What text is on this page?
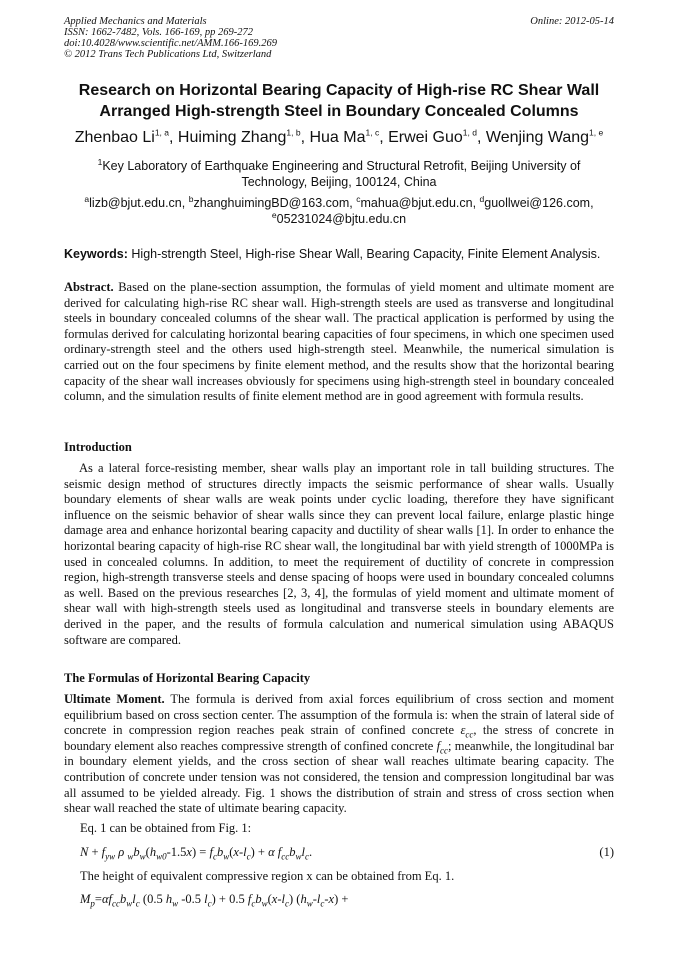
Applied Mechanics and Materials
ISSN: 1662-7482, Vols. 166-169, pp 269-272
doi:10.4028/www.scientific.net/AMM.166-169.269
© 2012 Trans Tech Publications Ltd, Switzerland
Online: 2012-05-14
Research on Horizontal Bearing Capacity of High-rise RC Shear Wall
Arranged High-strength Steel in Boundary Concealed Columns
Zhenbao Li$^{1, a}$, Huiming Zhang$^{1, b}$, Hua Ma$^{1, c}$, Erwei Guo$^{1, d}$, Wenjing Wang$^{1, e}$
$^1$Key Laboratory of Earthquake Engineering and Structural Retrofit, Beijing University of Technology, Beijing, 100124, China
$^a$lizb@bjut.edu.cn, $^b$zhanghuimingBD@163.com, $^c$mahua@bjut.edu.cn, $^d$guollwei@126.com,
$^e$05231024@bjtu.edu.cn
Keywords: High-strength Steel, High-rise Shear Wall, Bearing Capacity, Finite Element Analysis.
Abstract. Based on the plane-section assumption, the formulas of yield moment and ultimate moment are derived for calculating high-rise RC shear wall. High-strength steels are used as transverse and longitudinal steels in boundary concealed columns of the shear wall. The practical application is performed by using the formulas derived for calculating horizontal bearing capacities of four specimens, in which one specimen used ordinary-strength steel and the others used high-strength steel. Meanwhile, the numerical simulation is carried out on the four specimens by finite element method, and the results show that the horizontal bearing capacity of the shear wall increases obviously for specimens using high-strength steel in boundary concealed column, and the simulation results of finite element method are in good agreement with formula results.
Introduction
As a lateral force-resisting member, shear walls play an important role in tall building structures. The seismic design method of structures directly impacts the seismic performance of shear walls. Usually boundary elements of shear walls are weak points under cyclic loading, therefore they have significant influence on the seismic behavior of shear walls since they can prevent local failure, enlarge plastic hinge damage area and enhance horizontal bearing capacity and ductility of shear walls [1]. In order to enhance the horizontal bearing capacity of high-rise RC shear wall, the longitudinal bar with yield strength of 1000MPa is used in concealed columns. In addition, to meet the requirement of ductility of concrete in compression region, high-strength transverse steels and dense spacing of hoops were used in boundary concealed columns as well. Based on the previous researches [2, 3, 4], the formulas of yield moment and ultimate moment of shear wall with high-strength steels used as longitudinal and transverse steels in boundary elements are derived in the paper, and the results of formula calculation and numerical simulation using ABAQUS software are compared.
The Formulas of Horizontal Bearing Capacity
Ultimate Moment. The formula is derived from axial forces equilibrium of cross section and moment equilibrium based on cross section center. The assumption of the formula is: when the strain of lateral side of concrete in compression region reaches peak strain of confined concrete $\varepsilon_{cc}$, the stress of concrete in boundary element also reaches compressive strength of confined concrete $f_{cc}$; meanwhile, the longitudinal bar in boundary element yields, and the cross section of shear wall reaches ultimate bearing capacity. The contribution of concrete under tension was not considered, the tension and compression longitudinal bar was all assumed to be yielded already. Fig. 1 shows the distribution of strain and stress of cross section when shear wall reached the state of ultimate bearing capacity.
Eq. 1 can be obtained from Fig. 1:
$N + f_{yw}$ ρ $_wb_w(h_{w0}-1.5x) = f_cb_w(x-l_c) + \alpha$ $f_{cc}b_wl_c$.	(1)
The height of equivalent compressive region x can be obtained from Eq. 1.
$M_p=\alpha f_{cc}b_wl_c$ (0.5 $h_w$ -0.5 $l_c) + 0.5$ $f_cb_w(x-l_c) (h_w-l_c-x)$ +
